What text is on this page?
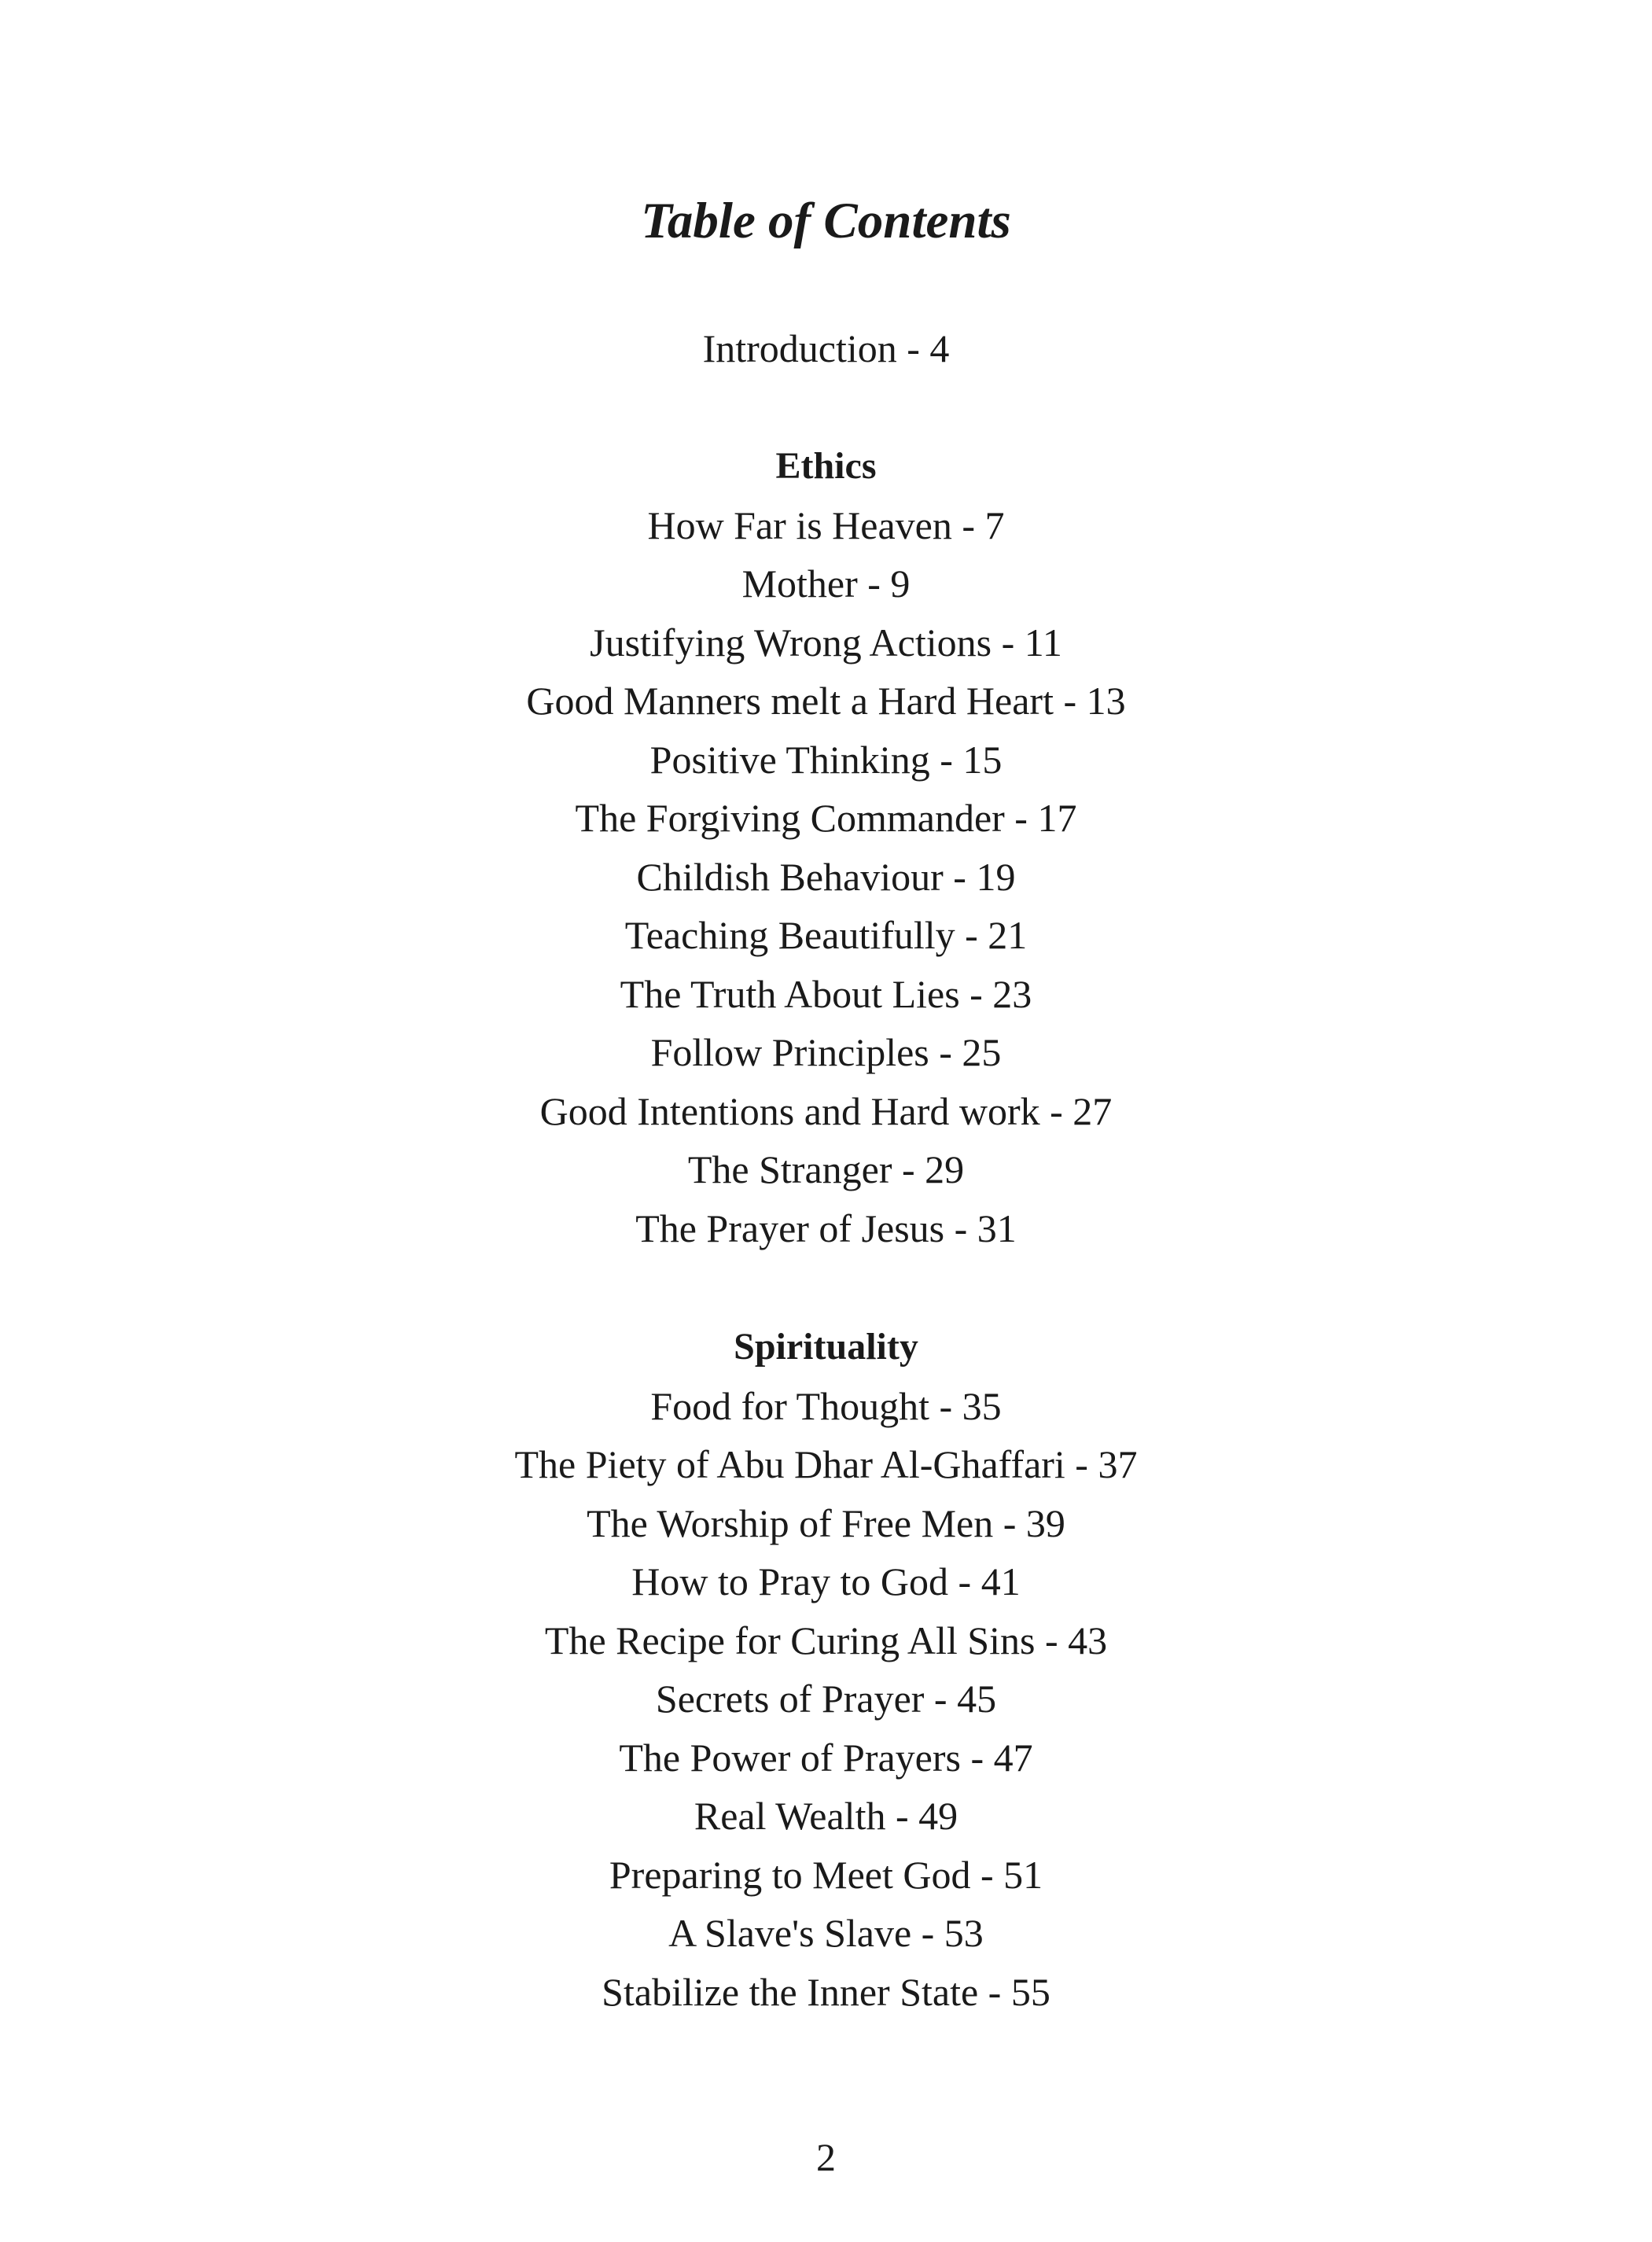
Table of Contents

Introduction - 4

Ethics
How Far is Heaven - 7
Mother - 9
Justifying Wrong Actions - 11
Good Manners melt a Hard Heart - 13
Positive Thinking - 15
The Forgiving Commander - 17
Childish Behaviour - 19
Teaching Beautifully - 21
The Truth About Lies - 23
Follow Principles - 25
Good Intentions and Hard work - 27
The Stranger - 29
The Prayer of Jesus - 31
Spirituality
Food for Thought - 35
The Piety of Abu Dhar Al-Ghaffari - 37
The Worship of Free Men - 39
How to Pray to God - 41
The Recipe for Curing All Sins - 43
Secrets of Prayer - 45
The Power of Prayers - 47
Real Wealth - 49
Preparing to Meet God - 51
A Slave's Slave - 53
Stabilize the Inner State - 55

2
